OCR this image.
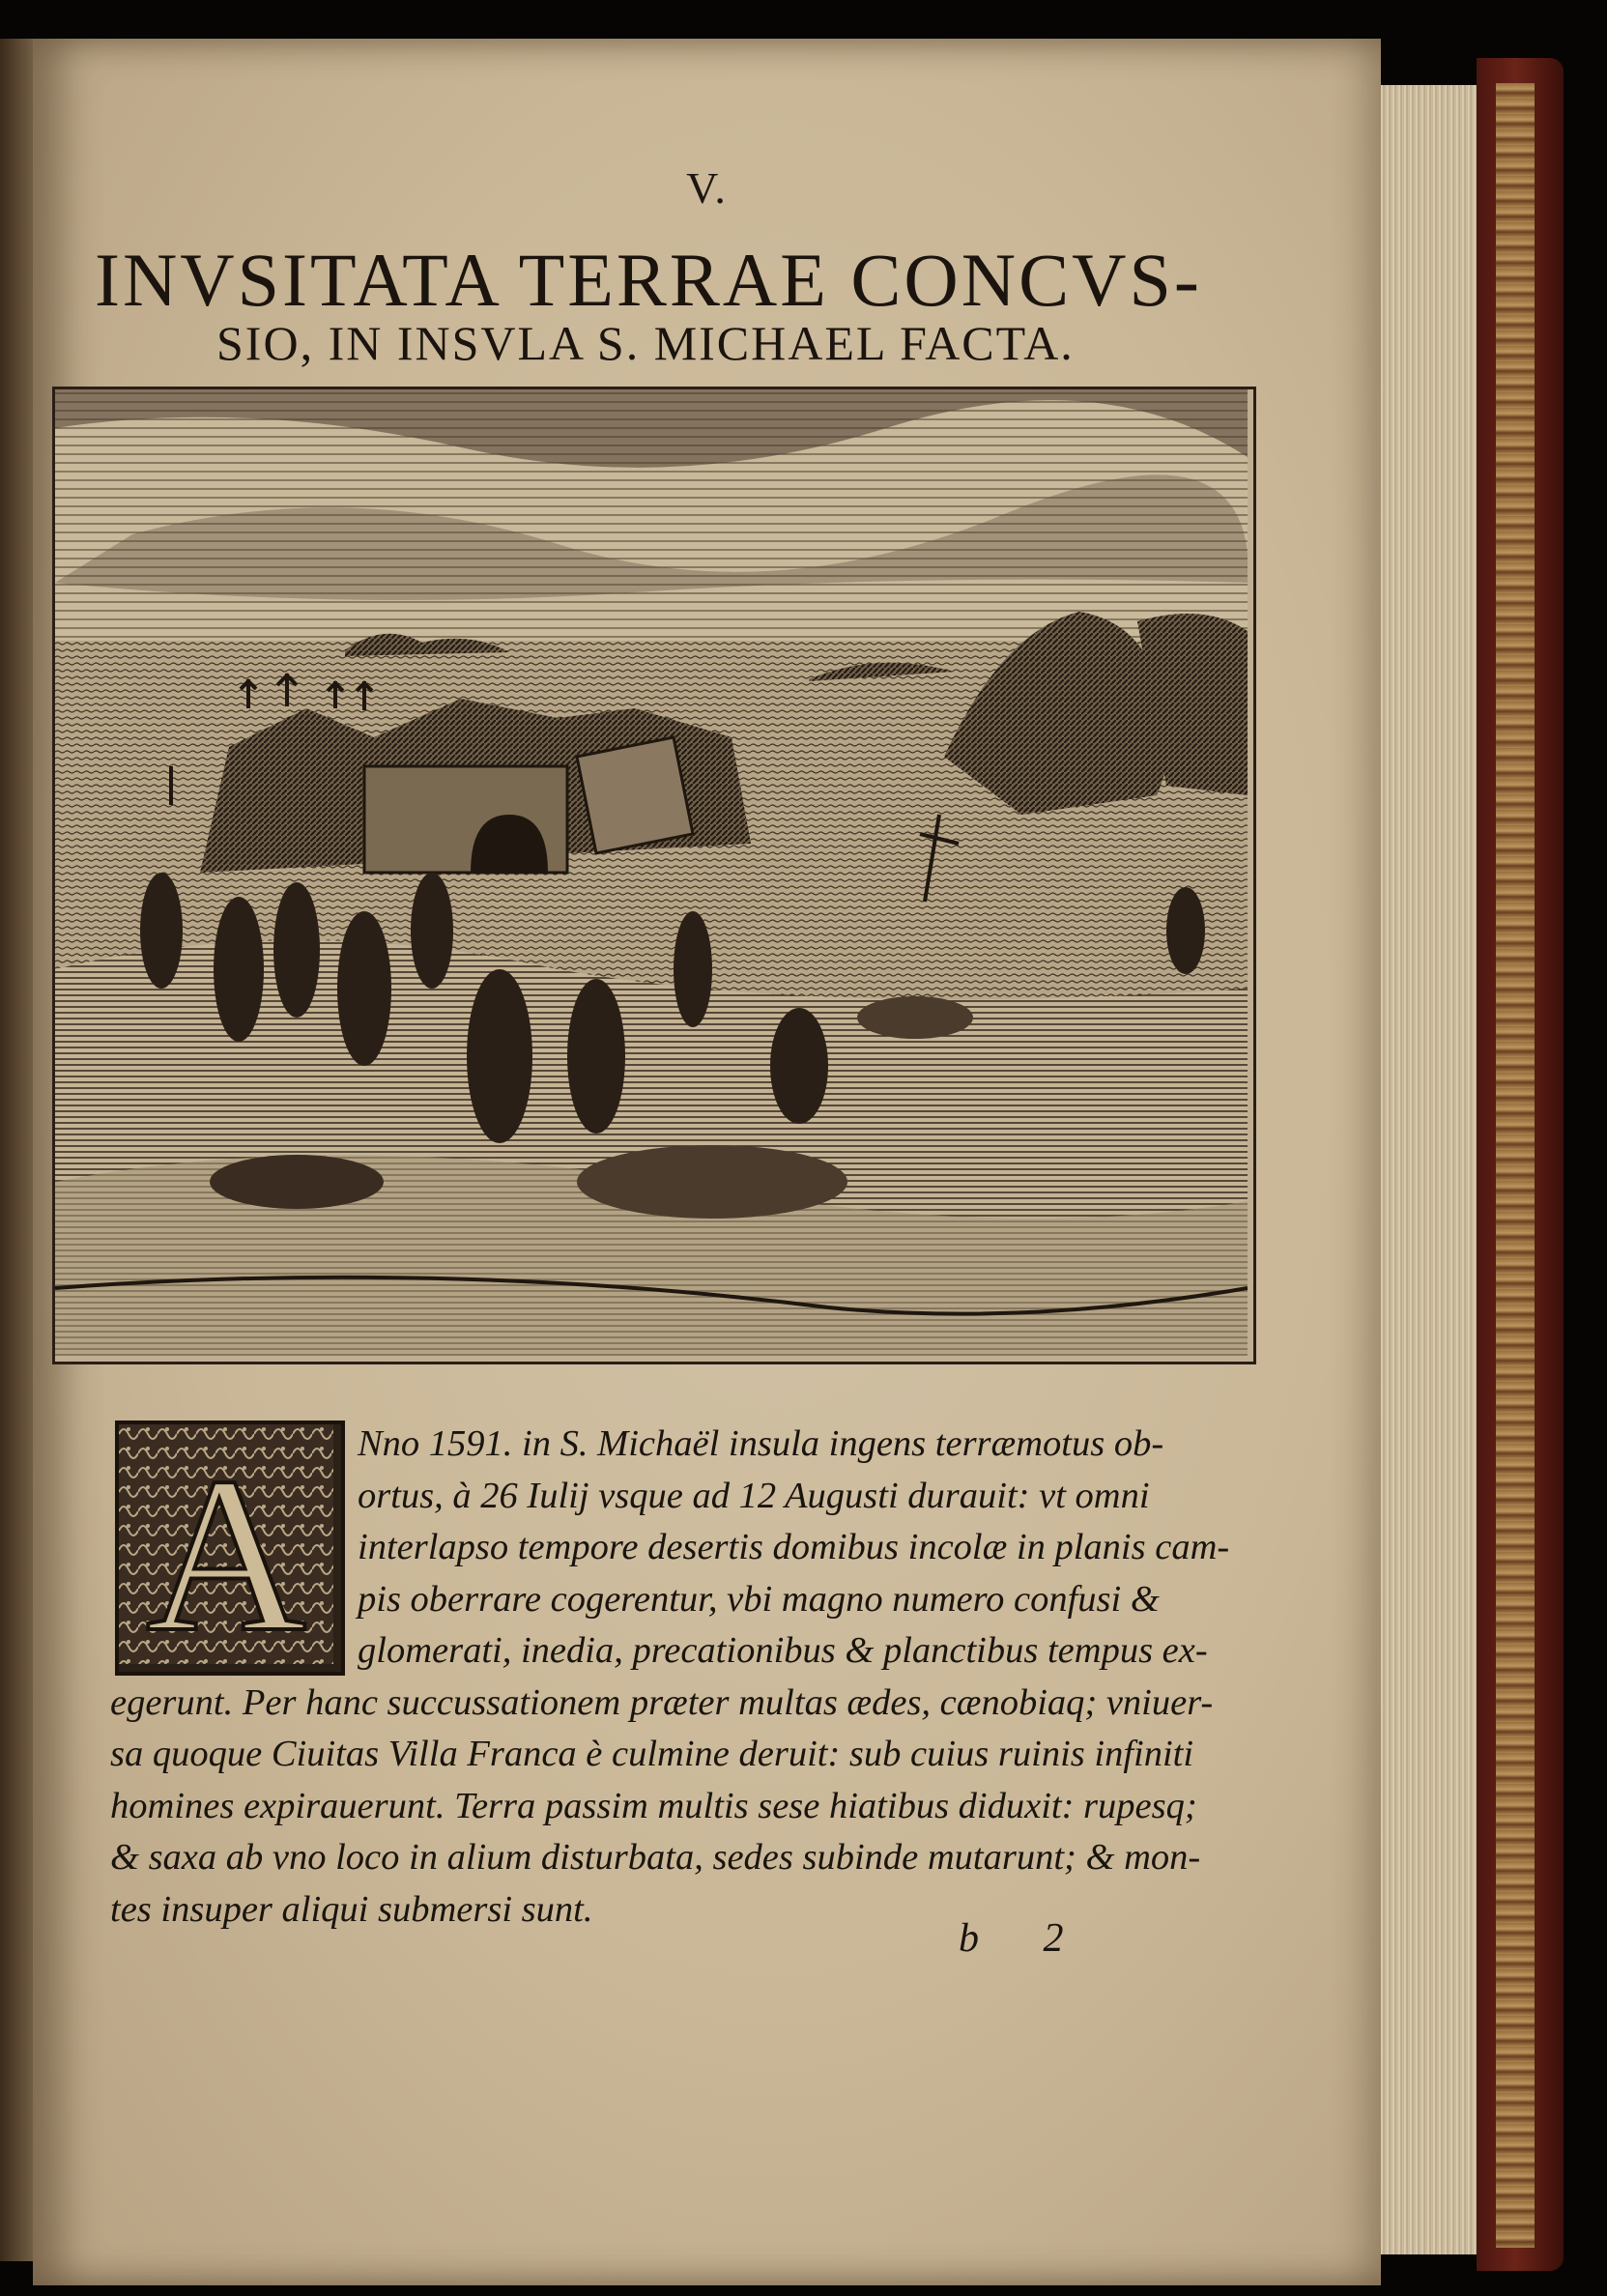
V.
INVSITATA TERRAE CONCVS-
SIO, IN INSVLA S. MICHAEL FACTA.
A	Nno 1591. in S. Michaël insula ingens terræmotus ob-
ortus, à 26 Iulij vsque ad 12 Augusti durauit: vt omni
interlapso tempore desertis domibus incolæ in planis cam-
pis oberrare cogerentur, vbi magno numero confusi &
glomerati, inedia, precationibus & planctibus tempus ex-
egerunt. Per hanc succussationem præter multas ædes, cænobiaq; vniuer-
sa quoque Ciuitas Villa Franca è culmine deruit: sub cuius ruinis infiniti
homines expirauerunt. Terra passim multis sese hiatibus diduxit: rupesq;
& saxa ab vno loco in alium disturbata, sedes subinde mutarunt; & mon-
tes insuper aliqui submersi sunt.
b 2
